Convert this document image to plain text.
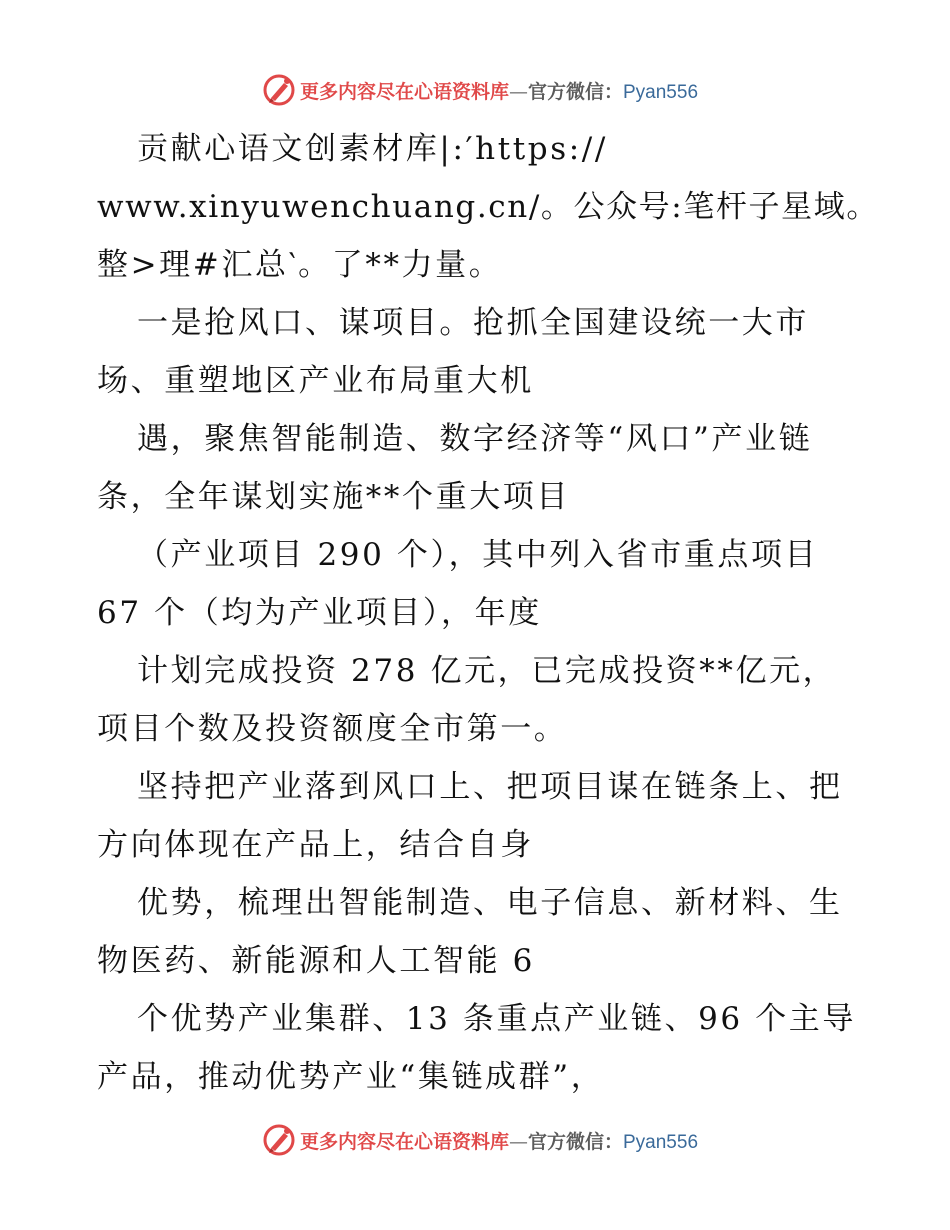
更多内容尽在心语资料库—官方微信：Pyan556
贡献心语文创素材库|:′https://
www.xinyuwenchuang.cn/。公众号:笔杆子星域。
整>理#汇总‵。了**力量。
一是抢风口、谋项目。抢抓全国建设统一大市
场、重塑地区产业布局重大机
遇，聚焦智能制造、数字经济等“风口”产业链
条，全年谋划实施**个重大项目
（产业项目 290 个），其中列入省市重点项目
67 个（均为产业项目），年度
计划完成投资 278 亿元，已完成投资**亿元，
项目个数及投资额度全市第一。
坚持把产业落到风口上、把项目谋在链条上、把
方向体现在产品上，结合自身
优势，梳理出智能制造、电子信息、新材料、生
物医药、新能源和人工智能 6
个优势产业集群、13 条重点产业链、96 个主导
产品，推动优势产业“集链成群”，
更多内容尽在心语资料库—官方微信：Pyan556
